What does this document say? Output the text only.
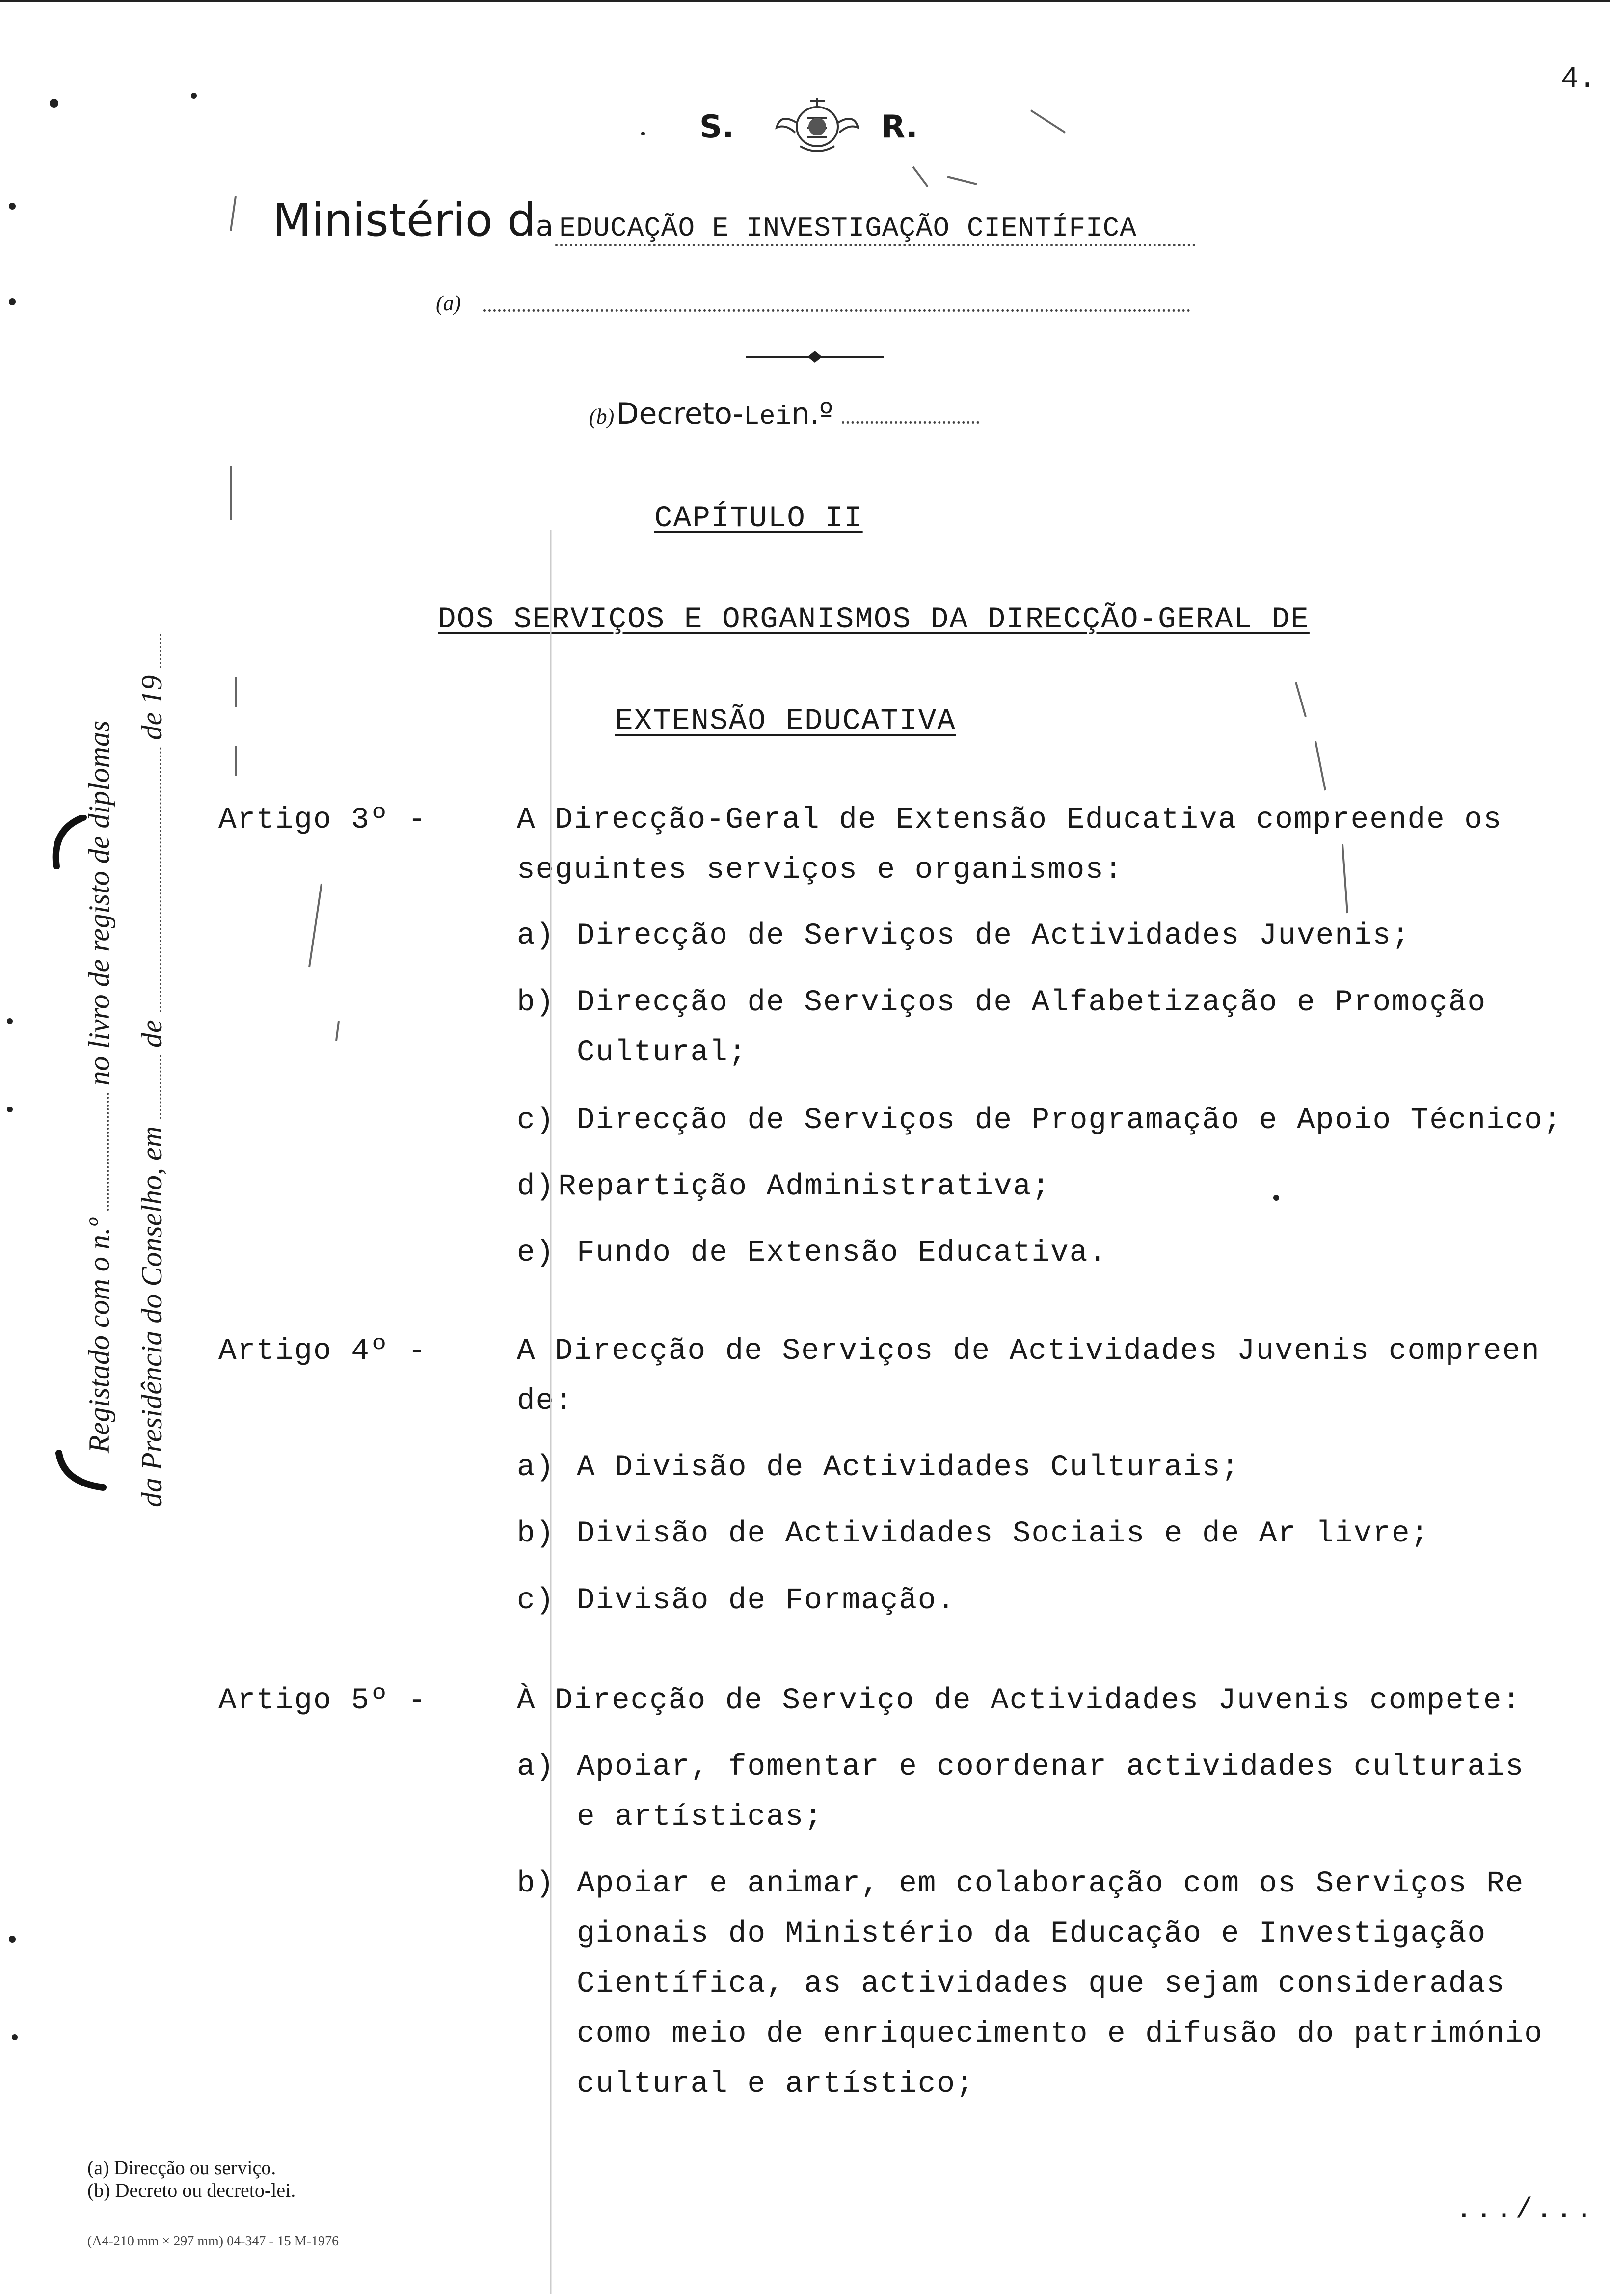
4.
S.	R.
Ministério da EDUCAÇÃO E INVESTIGAÇÃO CIENTÍFICA
(a)
(b) Decreto-Lein.º
CAPÍTULO II
DOS SERVIÇOS E ORGANISMOS DA DIRECÇÃO-GERAL DE
EXTENSÃO EDUCATIVA
Artigo 3º -	A Direcção-Geral de Extensão Educativa compreende os
seguintes serviços e organismos:
a) Direcção de Serviços de Actividades Juvenis;
b) Direcção de Serviços de Alfabetização e Promoção
Cultural;
c) Direcção de Serviços de Programação e Apoio Técnico;
d) Repartição Administrativa;
e) Fundo de Extensão Educativa.
Artigo 4º -	A Direcção de Serviços de Actividades Juvenis compreen
de:
a) A Divisão de Actividades Culturais;
b) Divisão de Actividades Sociais e de Ar livre;
c) Divisão de Formação.
Artigo 5º -	À Direcção de Serviço de Actividades Juvenis compete:
a) Apoiar, fomentar e coordenar actividades culturais
e artísticas;
b) Apoiar e animar, em colaboração com os Serviços Re
gionais do Ministério da Educação e Investigação
Científica, as actividades que sejam consideradas
como meio de enriquecimento e difusão do património
cultural e artístico;
Registado com o n.º  no livro de registo de diplomas
da Presidência do Conselho, em  de  de 19
(a) Direcção ou serviço.
(b) Decreto ou decreto-lei.
(A4-210 mm × 297 mm) 04-347 - 15 M-1976
.../...
